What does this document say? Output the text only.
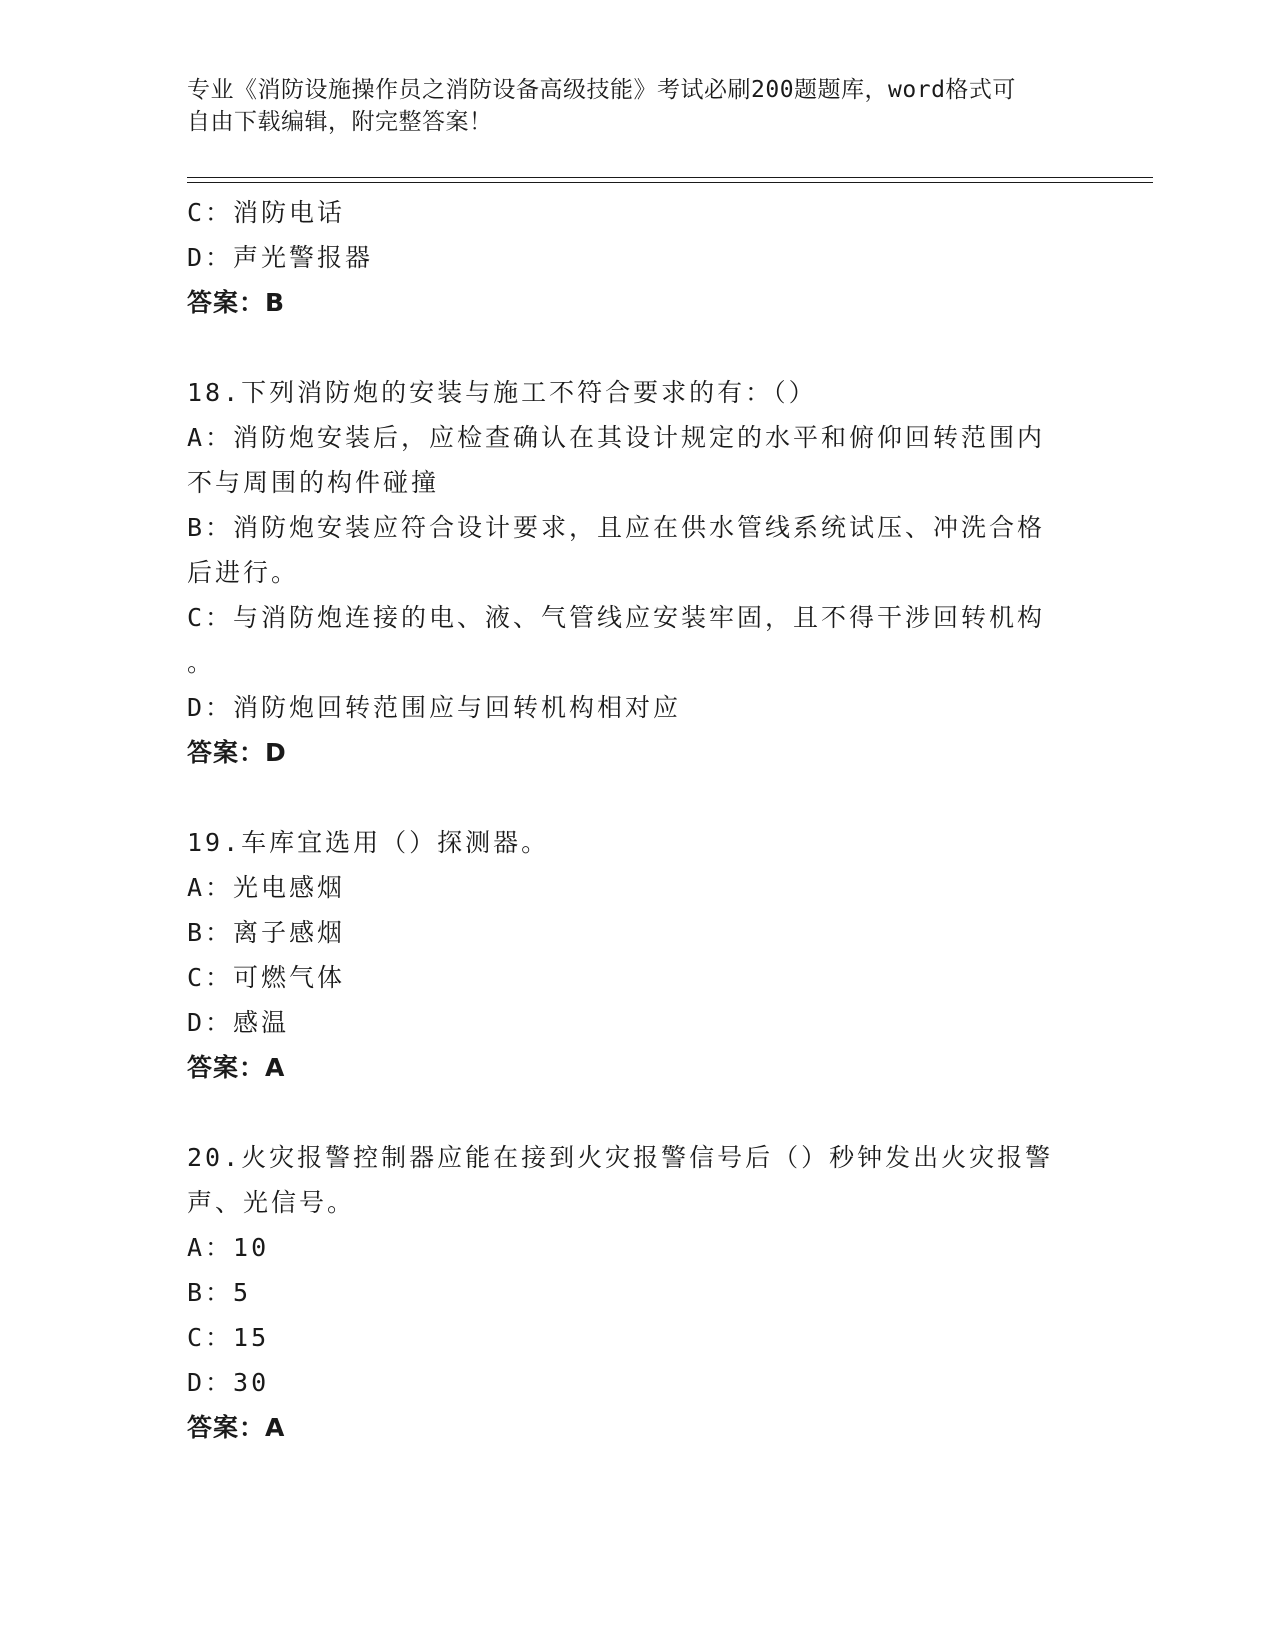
专业《消防设施操作员之消防设备高级技能》考试必刷200题题库，word格式可
自由下载编辑，附完整答案！
C：消防电话
D：声光警报器
答案：B
18.下列消防炮的安装与施工不符合要求的有：（）
A：消防炮安装后，应检查确认在其设计规定的水平和俯仰回转范围内
不与周围的构件碰撞
B：消防炮安装应符合设计要求，且应在供水管线系统试压、冲洗合格
后进行。
C：与消防炮连接的电、液、气管线应安装牢固，且不得干涉回转机构
。
D：消防炮回转范围应与回转机构相对应
答案：D
19.车库宜选用（）探测器。
A：光电感烟
B：离子感烟
C：可燃气体
D：感温
答案：A
20.火灾报警控制器应能在接到火灾报警信号后（）秒钟发出火灾报警
声、光信号。
A：10
B：5
C：15
D：30
答案：A
